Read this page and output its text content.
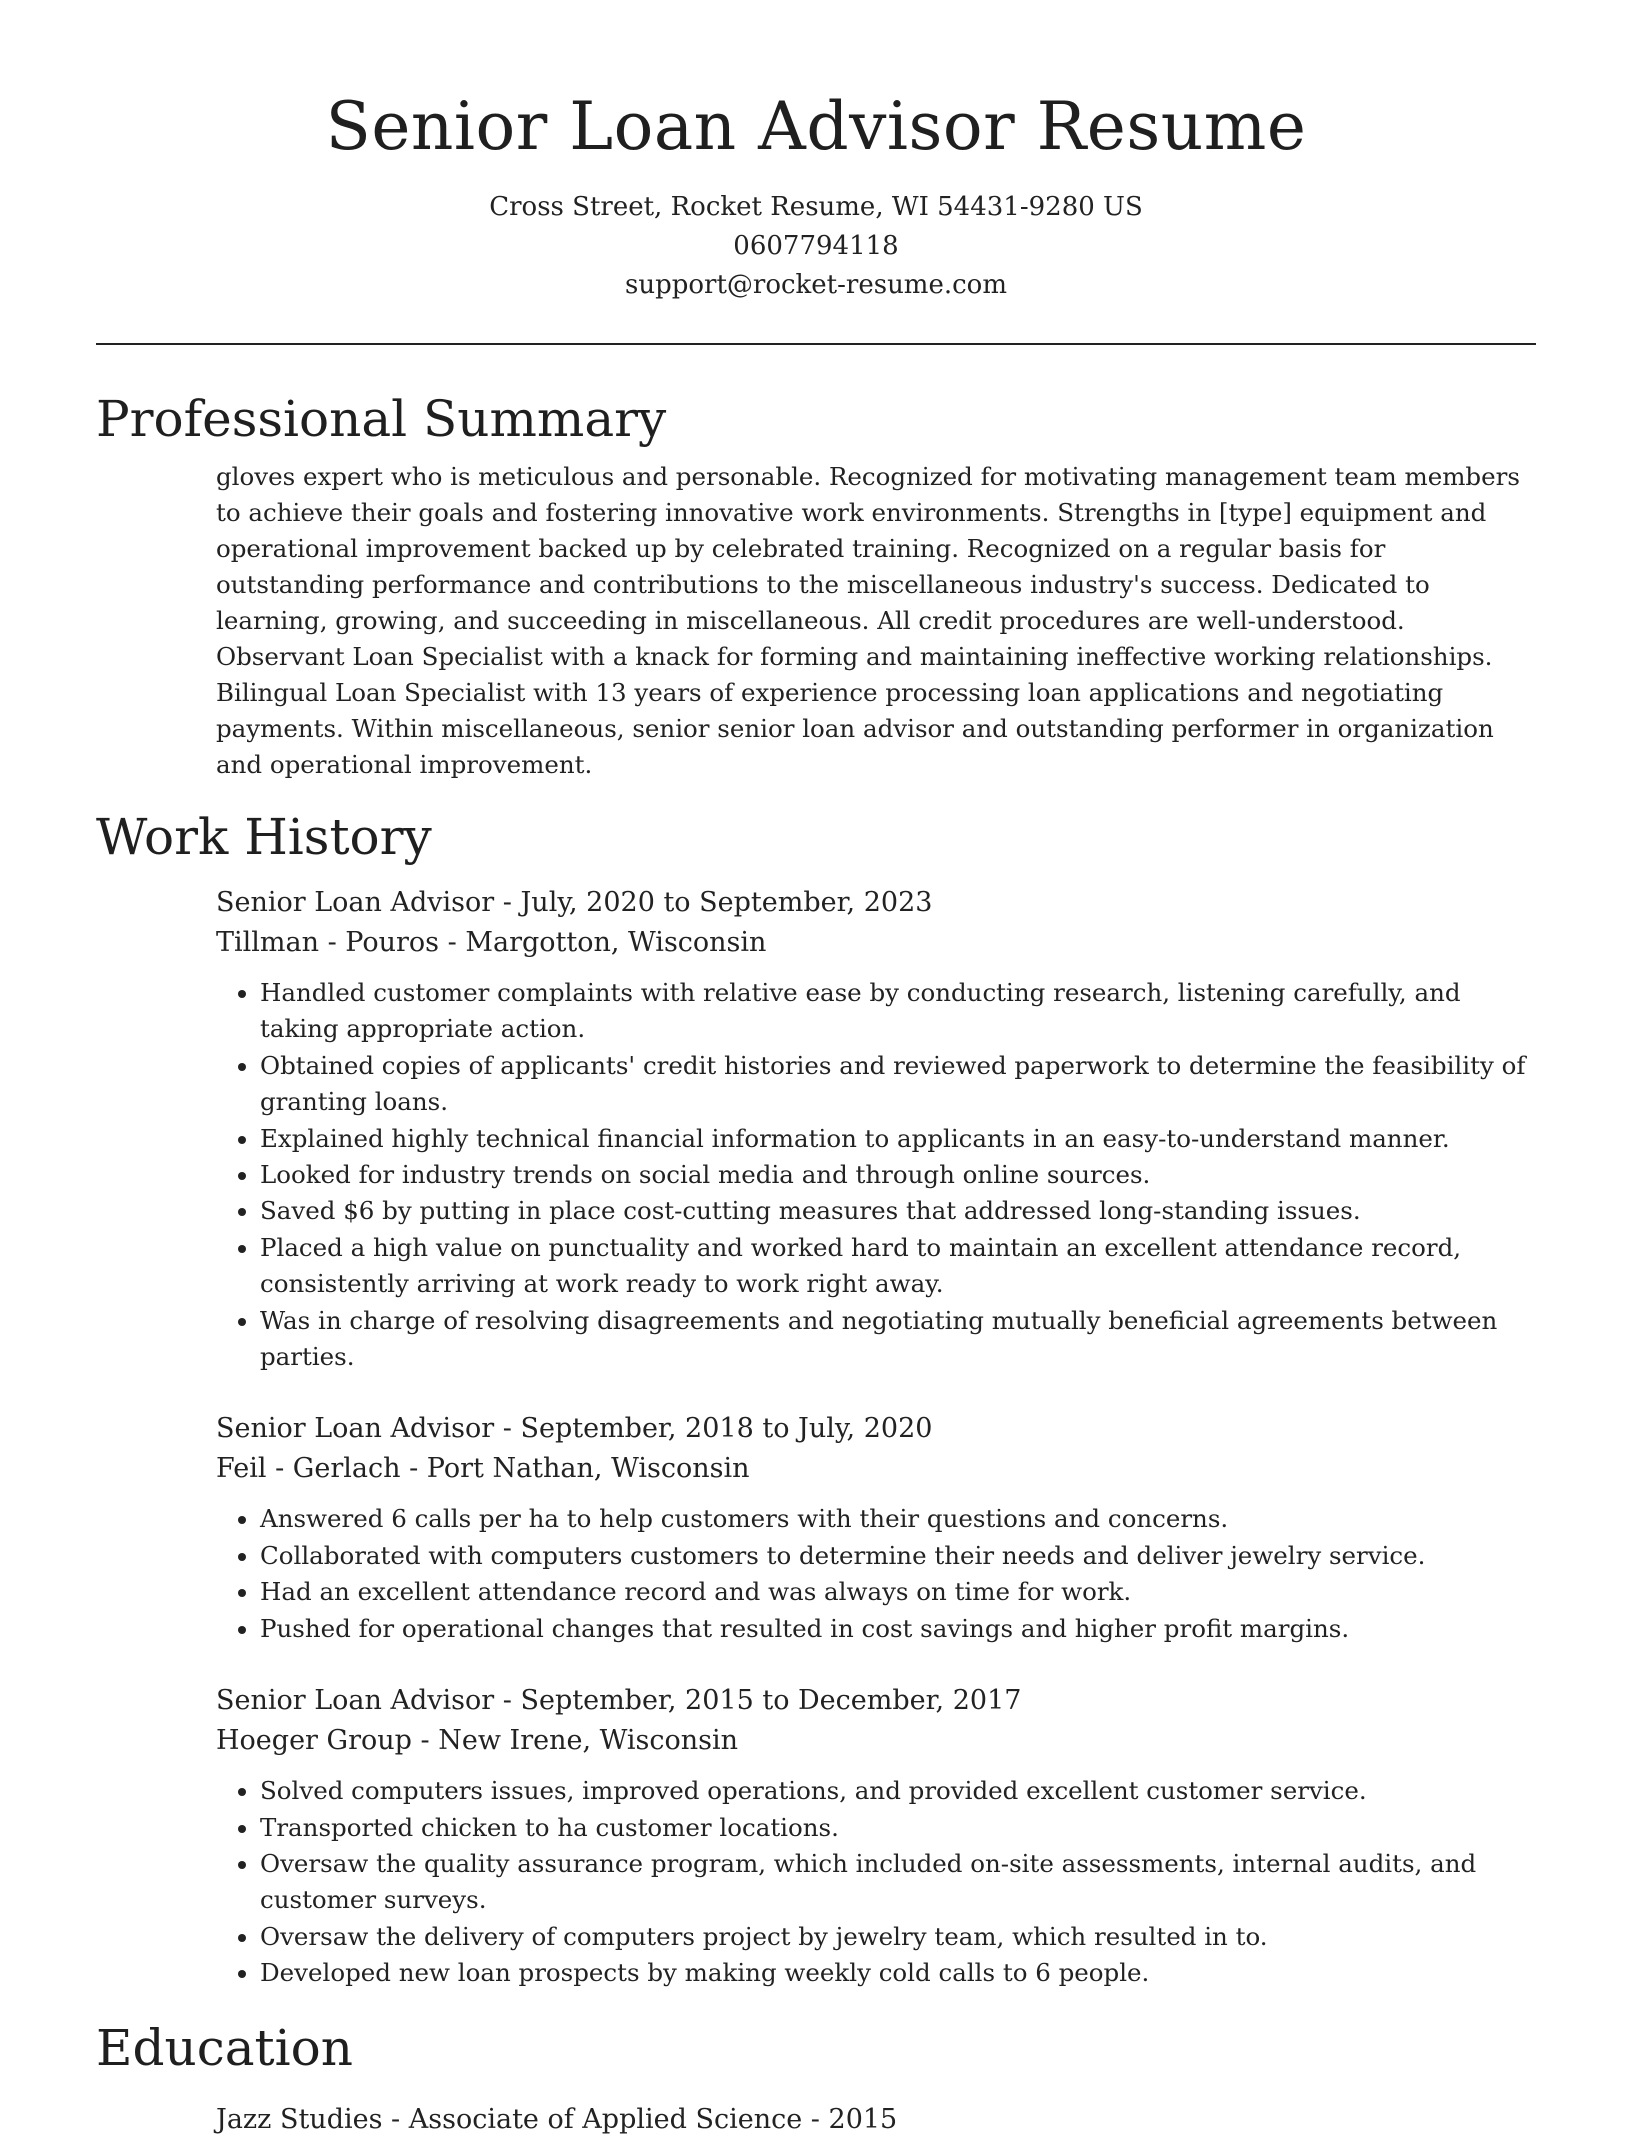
Senior Loan Advisor Resume
Cross Street, Rocket Resume, WI 54431-9280 US
0607794118
support@rocket-resume.com
Professional Summary

gloves expert who is meticulous and personable. Recognized for motivating management team members to achieve their goals and fostering innovative work environments. Strengths in [type] equipment and operational improvement backed up by celebrated training. Recognized on a regular basis for outstanding performance and contributions to the miscellaneous industry's success. Dedicated to learning, growing, and succeeding in miscellaneous. All credit procedures are well-understood. Observant Loan Specialist with a knack for forming and maintaining ineffective working relationships. Bilingual Loan Specialist with 13 years of experience processing loan applications and negotiating payments. Within miscellaneous, senior senior loan advisor and outstanding performer in organization and operational improvement.

Work History

Senior Loan Advisor - July, 2020 to September, 2023

Tillman - Pouros - Margotton, Wisconsin

• Handled customer complaints with relative ease by conducting research, listening carefully, and taking appropriate action.
• Obtained copies of applicants' credit histories and reviewed paperwork to determine the feasibility of granting loans.
• Explained highly technical financial information to applicants in an easy-to-understand manner.
• Looked for industry trends on social media and through online sources.
• Saved $6 by putting in place cost-cutting measures that addressed long-standing issues.
• Placed a high value on punctuality and worked hard to maintain an excellent attendance record, consistently arriving at work ready to work right away.
• Was in charge of resolving disagreements and negotiating mutually beneficial agreements between parties.

Senior Loan Advisor - September, 2018 to July, 2020

Feil - Gerlach - Port Nathan, Wisconsin

• Answered 6 calls per ha to help customers with their questions and concerns.
• Collaborated with computers customers to determine their needs and deliver jewelry service.
• Had an excellent attendance record and was always on time for work.
• Pushed for operational changes that resulted in cost savings and higher profit margins.

Senior Loan Advisor - September, 2015 to December, 2017

Hoeger Group - New Irene, Wisconsin

• Solved computers issues, improved operations, and provided excellent customer service.
• Transported chicken to ha customer locations.
• Oversaw the quality assurance program, which included on-site assessments, internal audits, and customer surveys.
• Oversaw the delivery of computers project by jewelry team, which resulted in to.
• Developed new loan prospects by making weekly cold calls to 6 people.
Education

Jazz Studies - Associate of Applied Science - 2015
